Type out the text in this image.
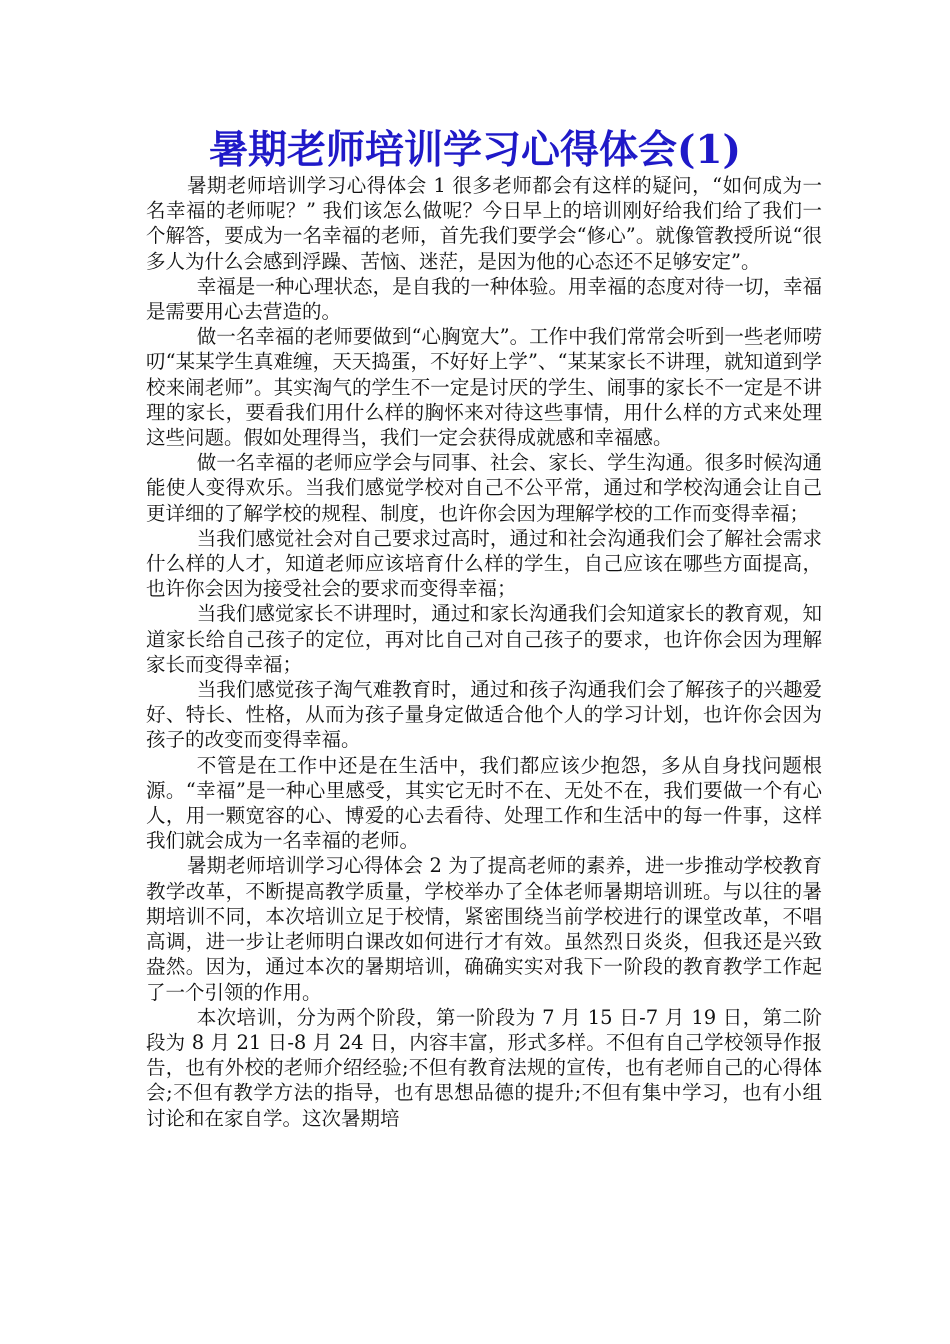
暑期老师培训学习心得体会(1)

暑期老师培训学习心得体会 1 很多老师都会有这样的疑问，“如何成为一名幸福的老师呢？” 我们该怎么做呢？今日早上的培训刚好给我们给了我们一个解答，要成为一名幸福的老师，首先我们要学会“修心”。就像管教授所说“很多人为什么会感到浮躁、苦恼、迷茫，是因为他的心态还不足够安定”。

幸福是一种心理状态，是自我的一种体验。用幸福的态度对待一切，幸福是需要用心去营造的。

做一名幸福的老师要做到“心胸宽大”。工作中我们常常会听到一些老师唠叨“某某学生真难缠，天天捣蛋，不好好上学”、“某某家长不讲理，就知道到学校来闹老师”。其实淘气的学生不一定是讨厌的学生、闹事的家长不一定是不讲理的家长，要看我们用什么样的胸怀来对待这些事情，用什么样的方式来处理这些问题。假如处理得当，我们一定会获得成就感和幸福感。

做一名幸福的老师应学会与同事、社会、家长、学生沟通。很多时候沟通能使人变得欢乐。当我们感觉学校对自己不公平常，通过和学校沟通会让自己更详细的了解学校的规程、制度，也许你会因为理解学校的工作而变得幸福；

当我们感觉社会对自己要求过高时，通过和社会沟通我们会了解社会需求什么样的人才，知道老师应该培育什么样的学生，自己应该在哪些方面提高，也许你会因为接受社会的要求而变得幸福；

当我们感觉家长不讲理时，通过和家长沟通我们会知道家长的教育观，知道家长给自己孩子的定位，再对比自己对自己孩子的要求，也许你会因为理解家长而变得幸福；

当我们感觉孩子淘气难教育时，通过和孩子沟通我们会了解孩子的兴趣爱好、特长、性格，从而为孩子量身定做适合他个人的学习计划，也许你会因为孩子的改变而变得幸福。

不管是在工作中还是在生活中，我们都应该少抱怨，多从自身找问题根源。“幸福”是一种心里感受，其实它无时不在、无处不在，我们要做一个有心人，用一颗宽容的心、博爱的心去看待、处理工作和生活中的每一件事，这样我们就会成为一名幸福的老师。

暑期老师培训学习心得体会 2 为了提高老师的素养，进一步推动学校教育教学改革，不断提高教学质量，学校举办了全体老师暑期培训班。与以往的暑期培训不同，本次培训立足于校情，紧密围绕当前学校进行的课堂改革，不唱高调，进一步让老师明白课改如何进行才有效。虽然烈日炎炎，但我还是兴致盎然。因为，通过本次的暑期培训，确确实实对我下一阶段的教育教学工作起了一个引领的作用。

本次培训，分为两个阶段，第一阶段为 7 月 15 日-7 月 19 日，第二阶段为 8 月 21 日-8 月 24 日，内容丰富，形式多样。不但有自己学校领导作报告，也有外校的老师介绍经验;不但有教育法规的宣传，也有老师自己的心得体会;不但有教学方法的指导，也有思想品德的提升;不但有集中学习，也有小组讨论和在家自学。这次暑期培
